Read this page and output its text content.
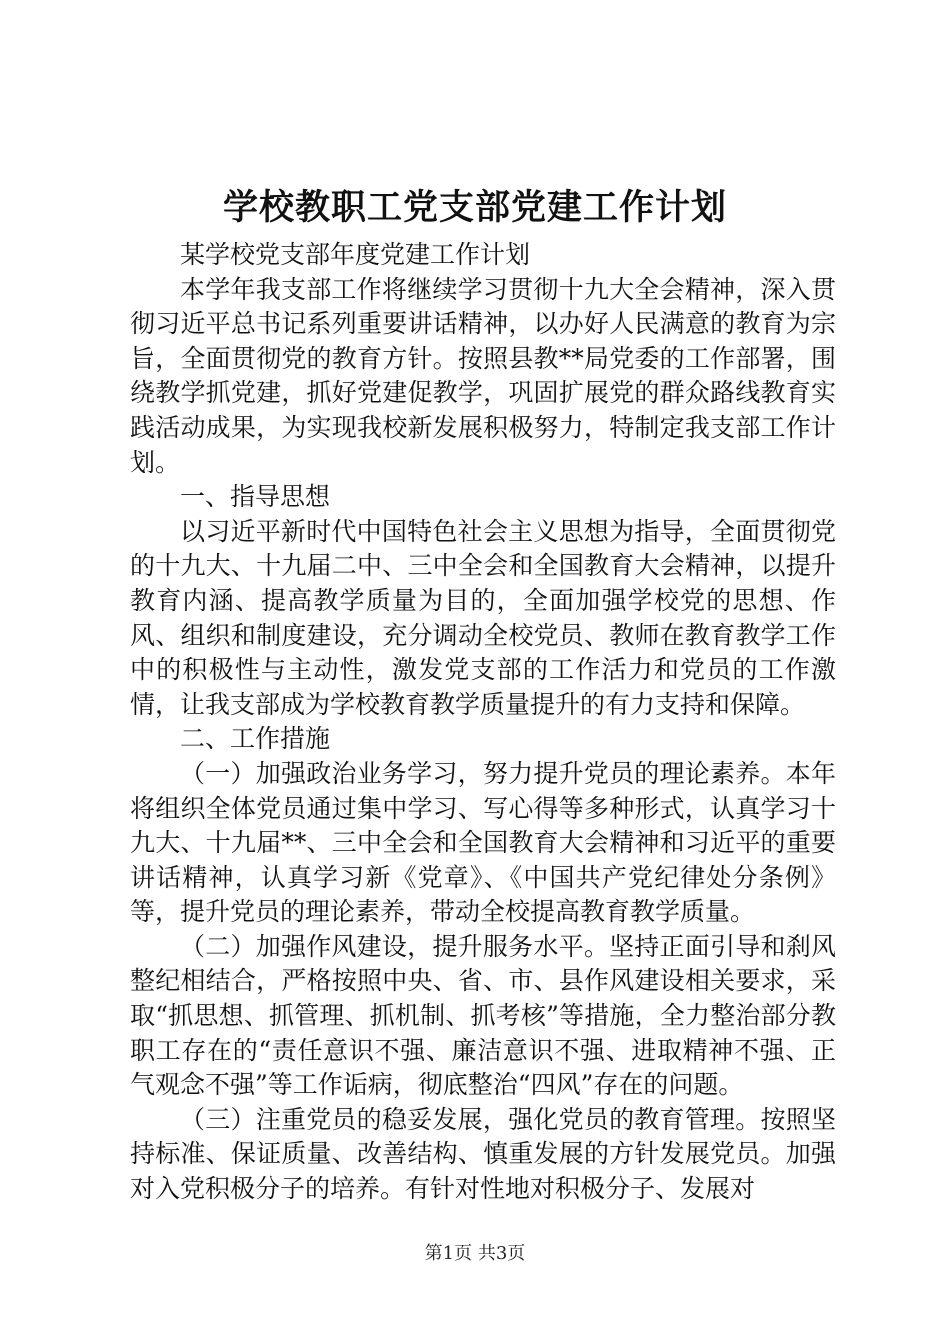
学校教职工党支部党建工作计划

某学校党支部年度党建工作计划

本学年我支部工作将继续学习贯彻十九大全会精神，深入贯彻习近平总书记系列重要讲话精神，以办好人民满意的教育为宗旨，全面贯彻党的教育方针。按照县教**局党委的工作部署，围绕教学抓党建，抓好党建促教学，巩固扩展党的群众路线教育实践活动成果，为实现我校新发展积极努力，特制定我支部工作计划。

一、指导思想

以习近平新时代中国特色社会主义思想为指导，全面贯彻党的十九大、十九届二中、三中全会和全国教育大会精神，以提升教育内涵、提高教学质量为目的，全面加强学校党的思想、作风、组织和制度建设，充分调动全校党员、教师在教育教学工作中的积极性与主动性，激发党支部的工作活力和党员的工作激情，让我支部成为学校教育教学质量提升的有力支持和保障。

二、工作措施

（一）加强政治业务学习，努力提升党员的理论素养。本年将组织全体党员通过集中学习、写心得等多种形式，认真学习十九大、十九届**、三中全会和全国教育大会精神和习近平的重要讲话精神，认真学习新《党章》、《中国共产党纪律处分条例》等，提升党员的理论素养，带动全校提高教育教学质量。

（二）加强作风建设，提升服务水平。坚持正面引导和刹风整纪相结合，严格按照中央、省、市、县作风建设相关要求，采取“抓思想、抓管理、抓机制、抓考核”等措施，全力整治部分教职工存在的“责任意识不强、廉洁意识不强、进取精神不强、正气观念不强”等工作诟病，彻底整治“四风”存在的问题。

（三）注重党员的稳妥发展，强化党员的教育管理。按照坚持标准、保证质量、改善结构、慎重发展的方针发展党员。加强对入党积极分子的培养。有针对性地对积极分子、发展对

第1页 共3页
